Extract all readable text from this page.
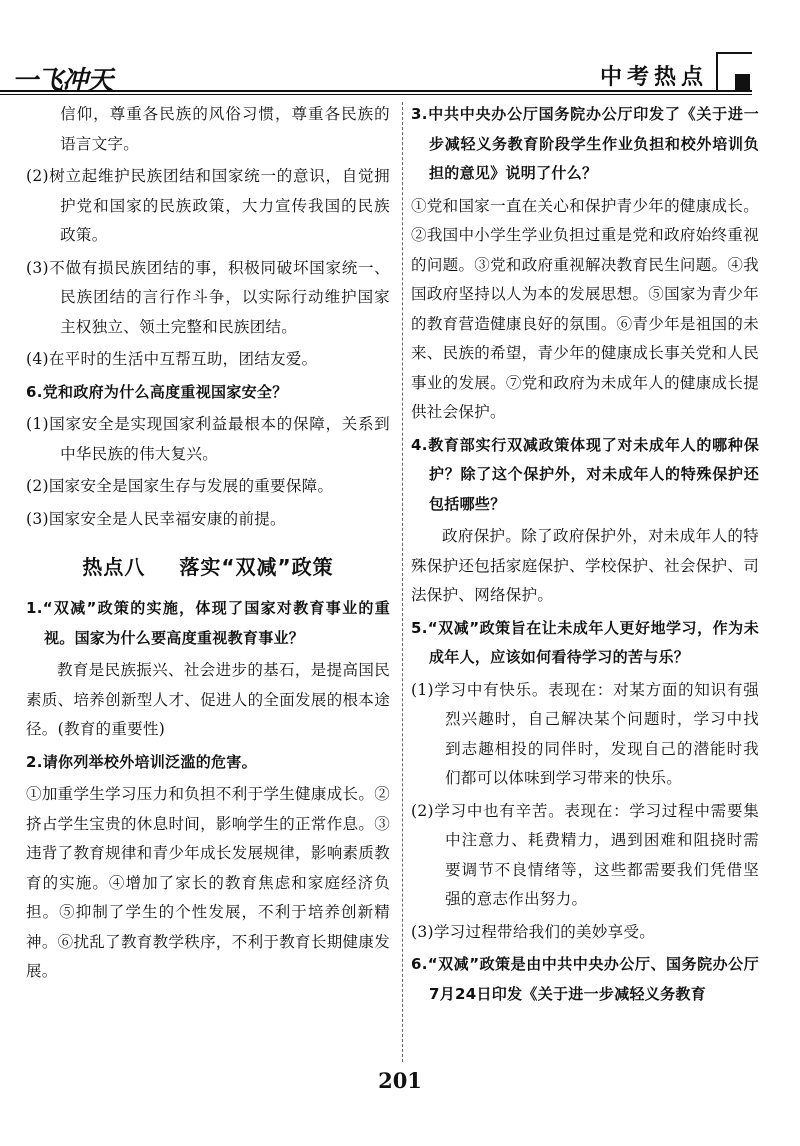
一飞冲天	中考热点

信仰，尊重各民族的风俗习惯，尊重各民族的语言文字。

(2)树立起维护民族团结和国家统一的意识，自觉拥护党和国家的民族政策，大力宣传我国的民族政策。

(3)不做有损民族团结的事，积极同破坏国家统一、民族团结的言行作斗争，以实际行动维护国家主权独立、领土完整和民族团结。

(4)在平时的生活中互帮互助，团结友爱。

6.党和政府为什么高度重视国家安全？

(1)国家安全是实现国家利益最根本的保障，关系到中华民族的伟大复兴。

(2)国家安全是国家生存与发展的重要保障。

(3)国家安全是人民幸福安康的前提。

热点八 落实“双减”政策

1.“双减”政策的实施，体现了国家对教育事业的重视。国家为什么要高度重视教育事业？

教育是民族振兴、社会进步的基石，是提高国民素质、培养创新型人才、促进人的全面发展的根本途径。(教育的重要性)

2.请你列举校外培训泛滥的危害。

①加重学生学习压力和负担不利于学生健康成长。②挤占学生宝贵的休息时间，影响学生的正常作息。③违背了教育规律和青少年成长发展规律，影响素质教育的实施。④增加了家长的教育焦虑和家庭经济负担。⑤抑制了学生的个性发展，不利于培养创新精神。⑥扰乱了教育教学秩序，不利于教育长期健康发展。

3.中共中央办公厅国务院办公厅印发了《关于进一步减轻义务教育阶段学生作业负担和校外培训负担的意见》说明了什么？

①党和国家一直在关心和保护青少年的健康成长。②我国中小学生学业负担过重是党和政府始终重视的问题。③党和政府重视解决教育民生问题。④我国政府坚持以人为本的发展思想。⑤国家为青少年的教育营造健康良好的氛围。⑥青少年是祖国的未来、民族的希望，青少年的健康成长事关党和人民事业的发展。⑦党和政府为未成年人的健康成长提供社会保护。

4.教育部实行双减政策体现了对未成年人的哪种保护？除了这个保护外，对未成年人的特殊保护还包括哪些？

政府保护。除了政府保护外，对未成年人的特殊保护还包括家庭保护、学校保护、社会保护、司法保护、网络保护。

5.“双减”政策旨在让未成年人更好地学习，作为未成年人，应该如何看待学习的苦与乐？

(1)学习中有快乐。表现在：对某方面的知识有强烈兴趣时，自己解决某个问题时，学习中找到志趣相投的同伴时，发现自己的潜能时我们都可以体味到学习带来的快乐。

(2)学习中也有辛苦。表现在：学习过程中需要集中注意力、耗费精力，遇到困难和阻挠时需要调节不良情绪等，这些都需要我们凭借坚强的意志作出努力。

(3)学习过程带给我们的美妙享受。

6.“双减”政策是由中共中央办公厅、国务院办公厅7月24日印发《关于进一步减轻义务教育

201
